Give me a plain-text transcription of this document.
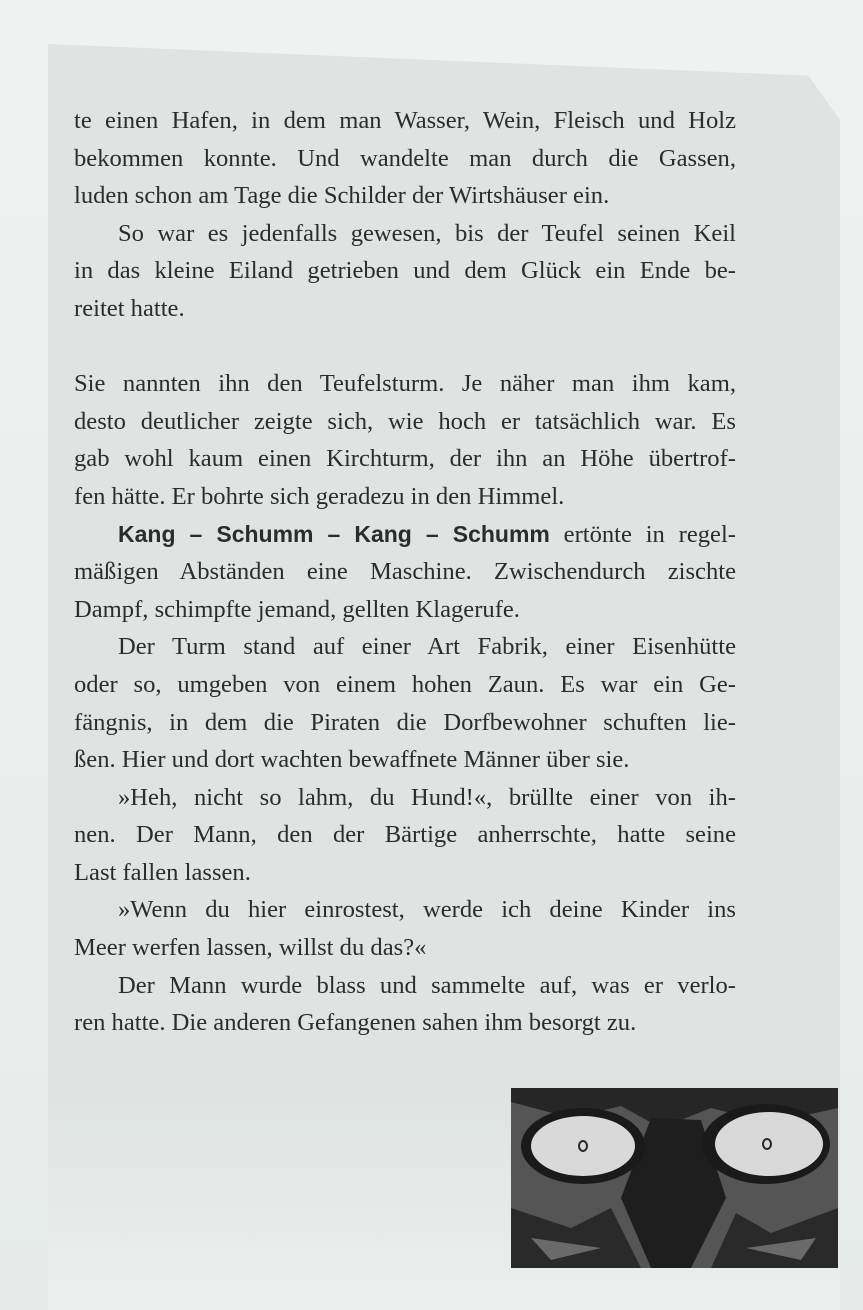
te einen Hafen, in dem man Wasser, Wein, Fleisch und Holz
bekommen konnte. Und wandelte man durch die Gassen,
luden schon am Tage die Schilder der Wirtshäuser ein.
So war es jedenfalls gewesen, bis der Teufel seinen Keil
in das kleine Eiland getrieben und dem Glück ein Ende be-
reitet hatte.
Sie nannten ihn den Teufelsturm. Je näher man ihm kam,
desto deutlicher zeigte sich, wie hoch er tatsächlich war. Es
gab wohl kaum einen Kirchturm, der ihn an Höhe übertrof-
fen hätte. Er bohrte sich geradezu in den Himmel.
Kang – Schumm – Kang – Schumm ertönte in regel-
mäßigen Abständen eine Maschine. Zwischendurch zischte
Dampf, schimpfte jemand, gellten Klagerufe.
Der Turm stand auf einer Art Fabrik, einer Eisenhütte
oder so, umgeben von einem hohen Zaun. Es war ein Ge-
fängnis, in dem die Piraten die Dorfbewohner schuften lie-
ßen. Hier und dort wachten bewaffnete Männer über sie.
»Heh, nicht so lahm, du Hund!«, brüllte einer von ih-
nen. Der Mann, den der Bärtige anherrschte, hatte seine
Last fallen lassen.
»Wenn du hier einrostest, werde ich deine Kinder ins
Meer werfen lassen, willst du das?«
Der Mann wurde blass und sammelte auf, was er verlo-
ren hatte. Die anderen Gefangenen sahen ihm besorgt zu.
